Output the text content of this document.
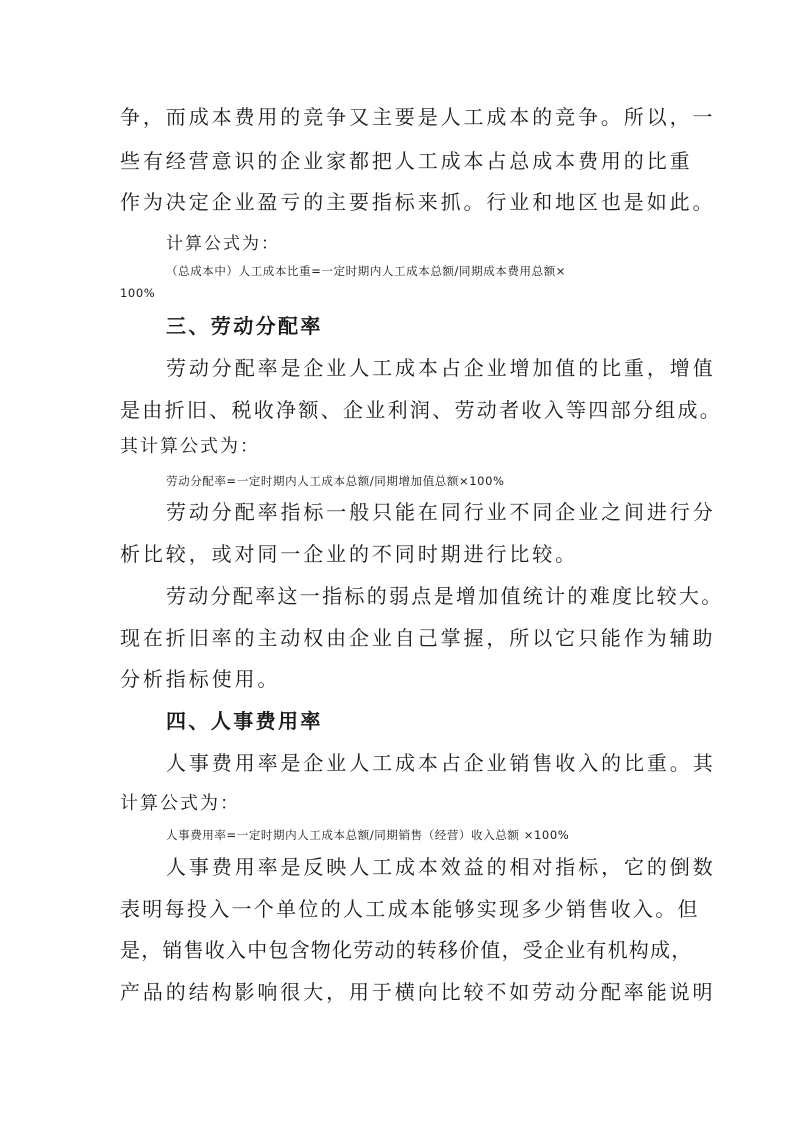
争，而成本费用的竞争又主要是人工成本的竞争。所以，一
些有经营意识的企业家都把人工成本占总成本费用的比重
作为决定企业盈亏的主要指标来抓。行业和地区也是如此。
计算公式为：
（总成本中）人工成本比重=一定时期内人工成本总额/同期成本费用总额×
100%
三、劳动分配率
劳动分配率是企业人工成本占企业增加值的比重，增值
是由折旧、税收净额、企业利润、劳动者收入等四部分组成。
其计算公式为：
劳动分配率=一定时期内人工成本总额/同期增加值总额×100%
劳动分配率指标一般只能在同行业不同企业之间进行分
析比较，或对同一企业的不同时期进行比较。
劳动分配率这一指标的弱点是增加值统计的难度比较大。
现在折旧率的主动权由企业自己掌握，所以它只能作为辅助
分析指标使用。
四、人事费用率
人事费用率是企业人工成本占企业销售收入的比重。其
计算公式为：
人事费用率=一定时期内人工成本总额/同期销售（经营）收入总额 ×100%
人事费用率是反映人工成本效益的相对指标，它的倒数
表明每投入一个单位的人工成本能够实现多少销售收入。但
是，销售收入中包含物化劳动的转移价值，受企业有机构成，
产品的结构影响很大，用于横向比较不如劳动分配率能说明
